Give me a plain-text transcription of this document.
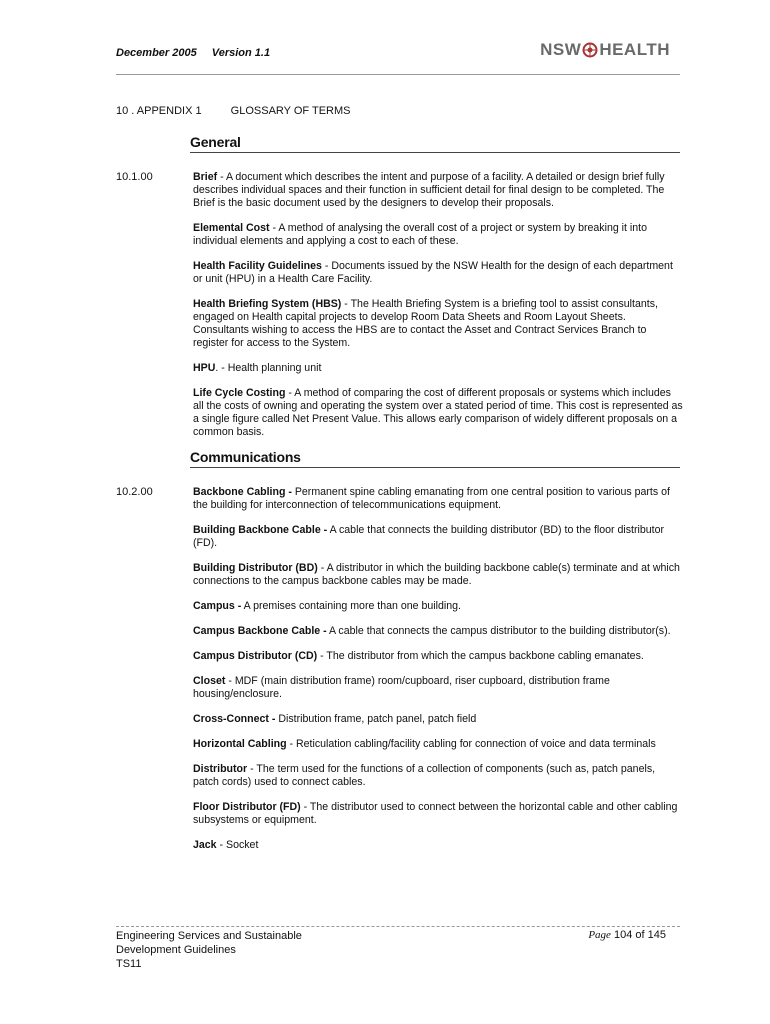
December 2005 Version 1.1	NSW HEALTH
10 . APPENDIX 1	GLOSSARY OF TERMS
General
10.1.00	Brief - A document which describes the intent and purpose of a facility. A detailed or design brief fully describes individual spaces and their function in sufficient detail for final design to be completed. The Brief is the basic document used by the designers to develop their proposals.
Elemental Cost - A method of analysing the overall cost of a project or system by breaking it into individual elements and applying a cost to each of these.
Health Facility Guidelines - Documents issued by the NSW Health for the design of each department or unit (HPU) in a Health Care Facility.
Health Briefing System (HBS) - The Health Briefing System is a briefing tool to assist consultants, engaged on Health capital projects to develop Room Data Sheets and Room Layout Sheets. Consultants wishing to access the HBS are to contact the Asset and Contract Services Branch to register for access to the System.
HPU. - Health planning unit
Life Cycle Costing - A method of comparing the cost of different proposals or systems which includes all the costs of owning and operating the system over a stated period of time. This cost is represented as a single figure called Net Present Value. This allows early comparison of widely different proposals on a common basis.
Communications
10.2.00	Backbone Cabling - Permanent spine cabling emanating from one central position to various parts of the building for interconnection of telecommunications equipment.
Building Backbone Cable - A cable that connects the building distributor (BD) to the floor distributor (FD).
Building Distributor (BD) - A distributor in which the building backbone cable(s) terminate and at which connections to the campus backbone cables may be made.
Campus - A premises containing more than one building.
Campus Backbone Cable - A cable that connects the campus distributor to the building distributor(s).
Campus Distributor (CD) - The distributor from which the campus backbone cabling emanates.
Closet - MDF (main distribution frame) room/cupboard, riser cupboard, distribution frame housing/enclosure.
Cross-Connect - Distribution frame, patch panel, patch field
Horizontal Cabling - Reticulation cabling/facility cabling for connection of voice and data terminals
Distributor - The term used for the functions of a collection of components (such as, patch panels, patch cords) used to connect cables.
Floor Distributor (FD) - The distributor used to connect between the horizontal cable and other cabling subsystems or equipment.
Jack - Socket
Engineering Services and Sustainable
Development Guidelines
TS11
Page 104 of 145
